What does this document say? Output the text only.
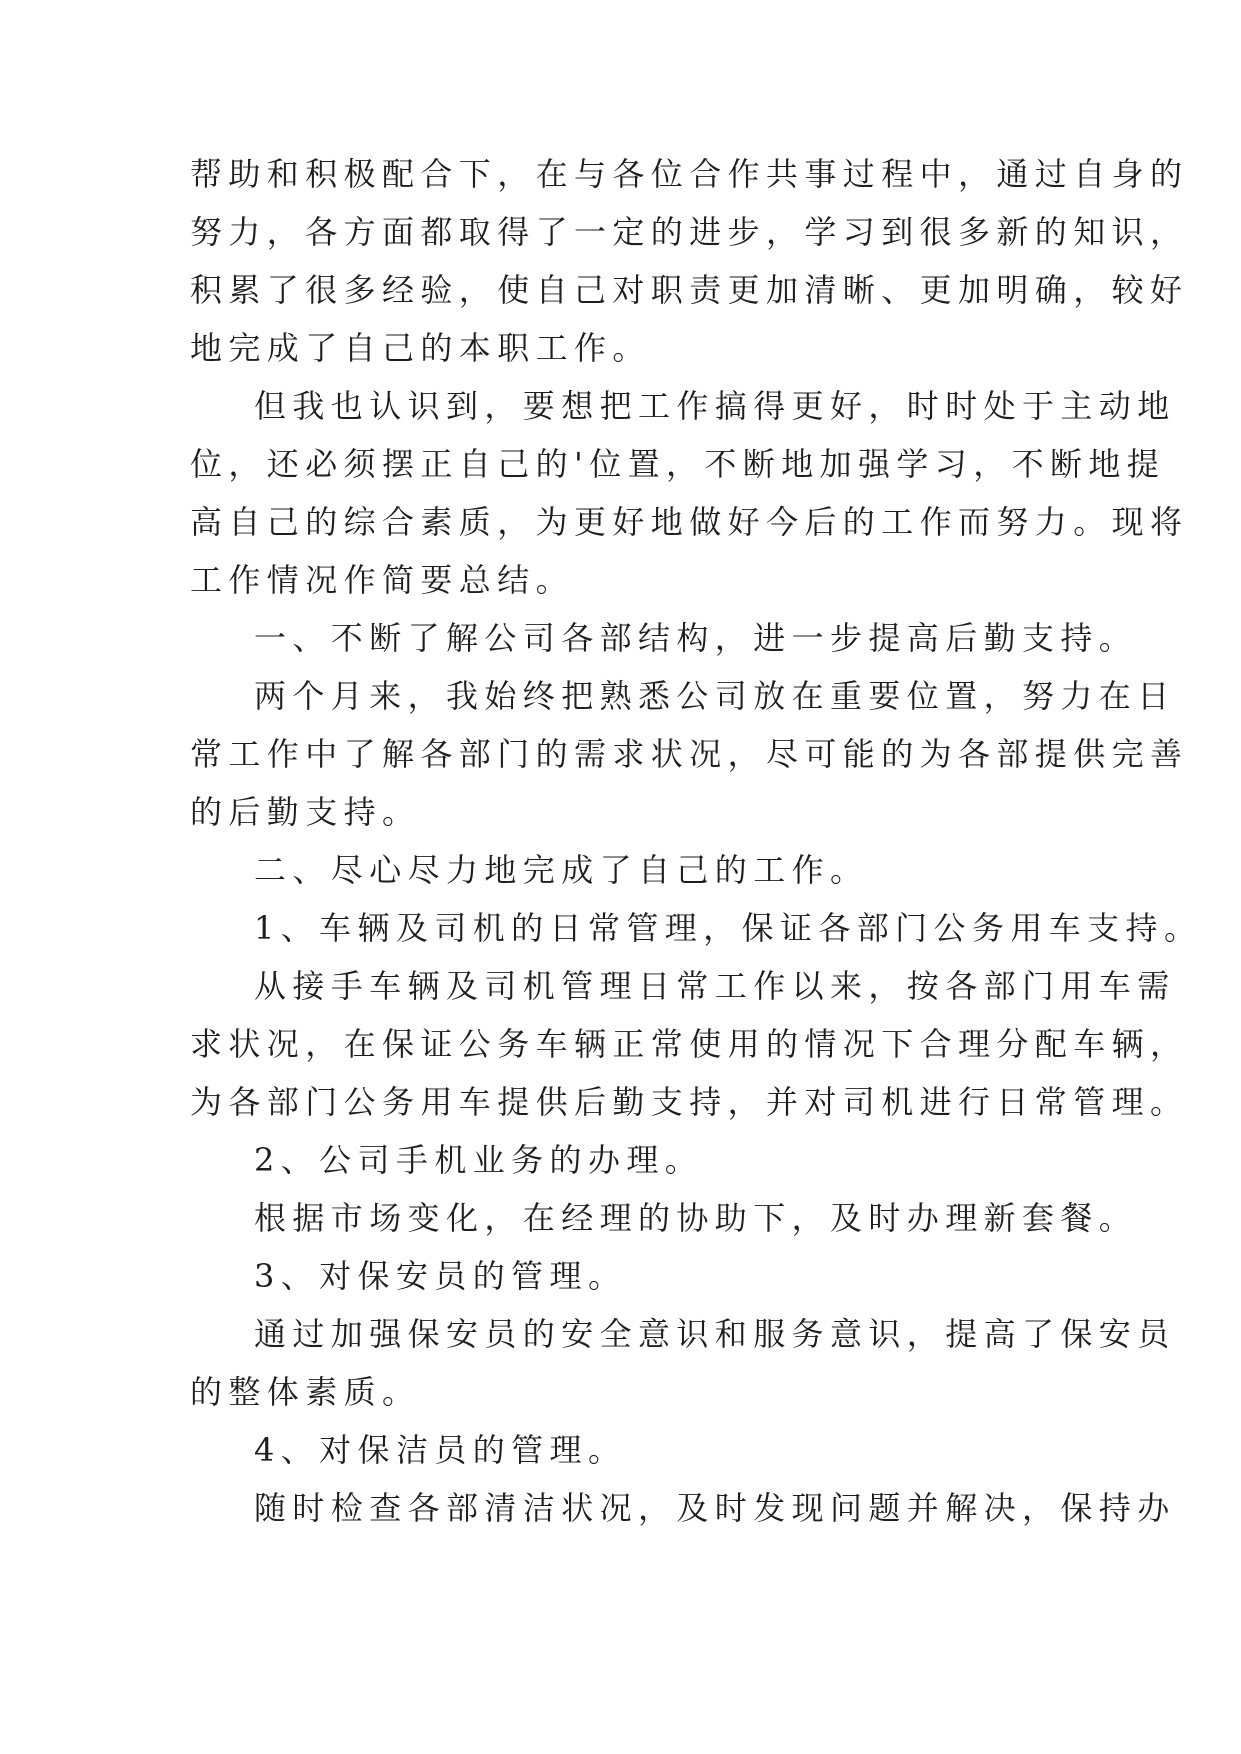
帮助和积极配合下，在与各位合作共事过程中，通过自身的
努力，各方面都取得了一定的进步，学习到很多新的知识，
积累了很多经验，使自己对职责更加清晰、更加明确，较好
地完成了自己的本职工作。
但我也认识到，要想把工作搞得更好，时时处于主动地
位，还必须摆正自己的'位置，不断地加强学习，不断地提
高自己的综合素质，为更好地做好今后的工作而努力。现将
工作情况作简要总结。
一、不断了解公司各部结构，进一步提高后勤支持。
两个月来，我始终把熟悉公司放在重要位置，努力在日
常工作中了解各部门的需求状况，尽可能的为各部提供完善
的后勤支持。
二、尽心尽力地完成了自己的工作。
1、车辆及司机的日常管理，保证各部门公务用车支持。
从接手车辆及司机管理日常工作以来，按各部门用车需
求状况，在保证公务车辆正常使用的情况下合理分配车辆，
为各部门公务用车提供后勤支持，并对司机进行日常管理。
2、公司手机业务的办理。
根据市场变化，在经理的协助下，及时办理新套餐。
3、对保安员的管理。
通过加强保安员的安全意识和服务意识，提高了保安员
的整体素质。
4、对保洁员的管理。
随时检查各部清洁状况，及时发现问题并解决，保持办
